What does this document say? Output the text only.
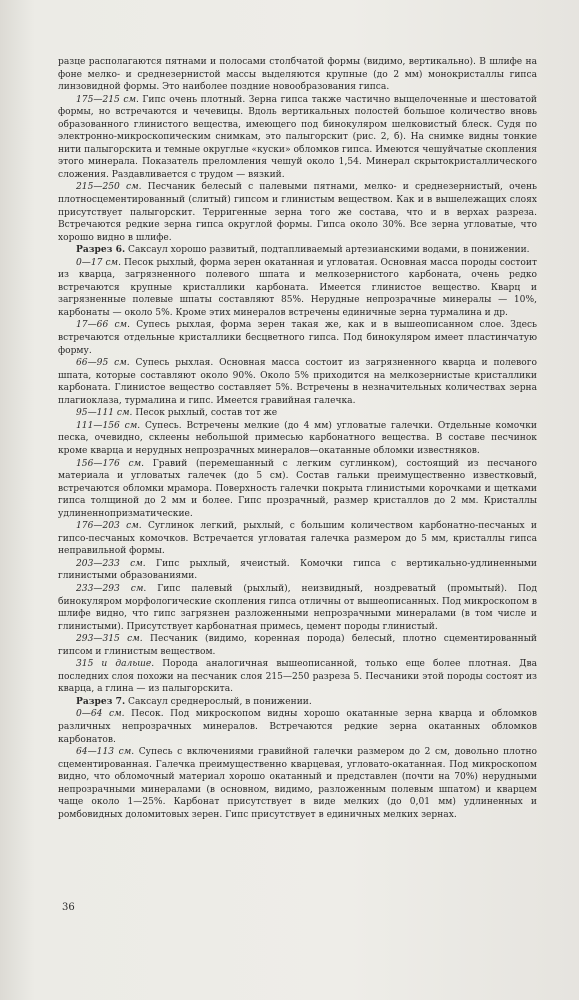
разце располагаются пятнами и полосами столбчатой формы (видимо, вертикально). В шлифе на фоне мелко- и среднезернистой массы выделяются крупные (до 2 мм) монокристаллы гипса линзовидной формы. Это наиболее поздние новообразования гипса.

175—215 см. Гипс очень плотный. Зерна гипса также частично выщелоченные и шестоватой формы, но встречаются и чечевицы. Вдоль вертикальных полостей большое количество вновь образованного глинистого вещества, имеющего под бинокуляром шелковистый блеск. Судя по электронно-микроскопическим снимкам, это палыгорскит (рис. 2, б). На снимке видны тонкие нити палыгорскита и темные округлые «куски» обломков гипса. Имеются чешуйчатые скопления этого минерала. Показатель преломления чешуй около 1,54. Минерал скрытокристаллического сложения. Раздавливается с трудом — вязкий.

215—250 см. Песчаник белесый с палевыми пятнами, мелко- и среднезернистый, очень плотносцементированный (слитый) гипсом и глинистым веществом. Как и в вышележащих слоях присутствует палыгорскит. Терригенные зерна того же состава, что и в верхах разреза. Встречаются редкие зерна гипса округлой формы. Гипса около 30%. Все зерна угловатые, что хорошо видно в шлифе.

Разрез 6. Саксаул хорошо развитый, подтапливаемый артезианскими водами, в понижении.

0—17 см. Песок рыхлый, форма зерен окатанная и угловатая. Основная масса породы состоит из кварца, загрязненного полевого шпата и мелкозернистого карбоната, очень редко встречаются крупные кристаллики карбоната. Имеется глинистое вещество. Кварц и загрязненные полевые шпаты составляют 85%. Нерудные непрозрачные минералы — 10%, карбонаты — около 5%. Кроме этих минералов встречены единичные зерна турмалина и др.

17—66 см. Супесь рыхлая, форма зерен такая же, как и в вышеописанном слое. Здесь встречаются отдельные кристаллики бесцветного гипса. Под бинокуляром имеет пластинчатую форму.

66—95 см. Супесь рыхлая. Основная масса состоит из загрязненного кварца и полевого шпата, которые составляют около 90%. Около 5% приходится на мелкозернистые кристаллики карбоната. Глинистое вещество составляет 5%. Встречены в незначительных количествах зерна плагиоклаза, турмалина и гипс. Имеется гравийная галечка.

95—111 см. Песок рыхлый, состав тот же

111—156 см. Супесь. Встречены мелкие (до 4 мм) угловатые галечки. Отдельные комочки песка, очевидно, склеены небольшой примесью карбонатного вещества. В составе песчинок кроме кварца и нерудных непрозрачных минералов—окатанные обломки известняков.

156—176 см. Гравий (перемешанный с легким суглинком), состоящий из песчаного материала и угловатых галечек (до 5 см). Состав гальки преимущественно известковый, встречаются обломки мрамора. Поверхность галечки покрыта глинистыми корочками и щетками гипса толщиной до 2 мм и более. Гипс прозрачный, размер кристаллов до 2 мм. Кристаллы удлиненнопризматические.

176—203 см. Суглинок легкий, рыхлый, с большим количеством карбонатно-песчаных и гипсо-песчаных комочков. Встречается угловатая галечка размером до 5 мм, кристаллы гипса неправильной формы.

203—233 см. Гипс рыхлый, ячеистый. Комочки гипса с вертикально-удлиненными глинистыми образованиями.

233—293 см. Гипс палевый (рыхлый), неизвидный, ноздреватый (промытый). Под бинокуляром морфологические скопления гипса отличны от вышеописанных. Под микроскопом в шлифе видно, что гипс загрязнен разложенными непрозрачными минералами (в том числе и глинистыми). Присутствует карбонатная примесь, цемент породы глинистый.

293—315 см. Песчаник (видимо, коренная порода) белесый, плотно сцементированный гипсом и глинистым веществом.

315 и дальше. Порода аналогичная вышеописанной, только еще более плотная. Два последних слоя похожи на песчаник слоя 215—250 разреза 5. Песчаники этой породы состоят из кварца, а глина — из палыгорскита.

Разрез 7. Саксаул среднерослый, в понижении.

0—64 см. Песок. Под микроскопом видны хорошо окатанные зерна кварца и обломков различных непрозрачных минералов. Встречаются редкие зерна окатанных обломков карбонатов.

64—113 см. Супесь с включениями гравийной галечки размером до 2 см, довольно плотно сцементированная. Галечка преимущественно кварцевая, угловато-окатанная. Под микроскопом видно, что обломочный материал хорошо окатанный и представлен (почти на 70%) нерудными непрозрачными минералами (в основном, видимо, разложенным полевым шпатом) и кварцем чаще около 1—25%. Карбонат присутствует в виде мелких (до 0,01 мм) удлиненных и ромбовидных доломитовых зерен. Гипс присутствует в единичных мелких зернах.

36
